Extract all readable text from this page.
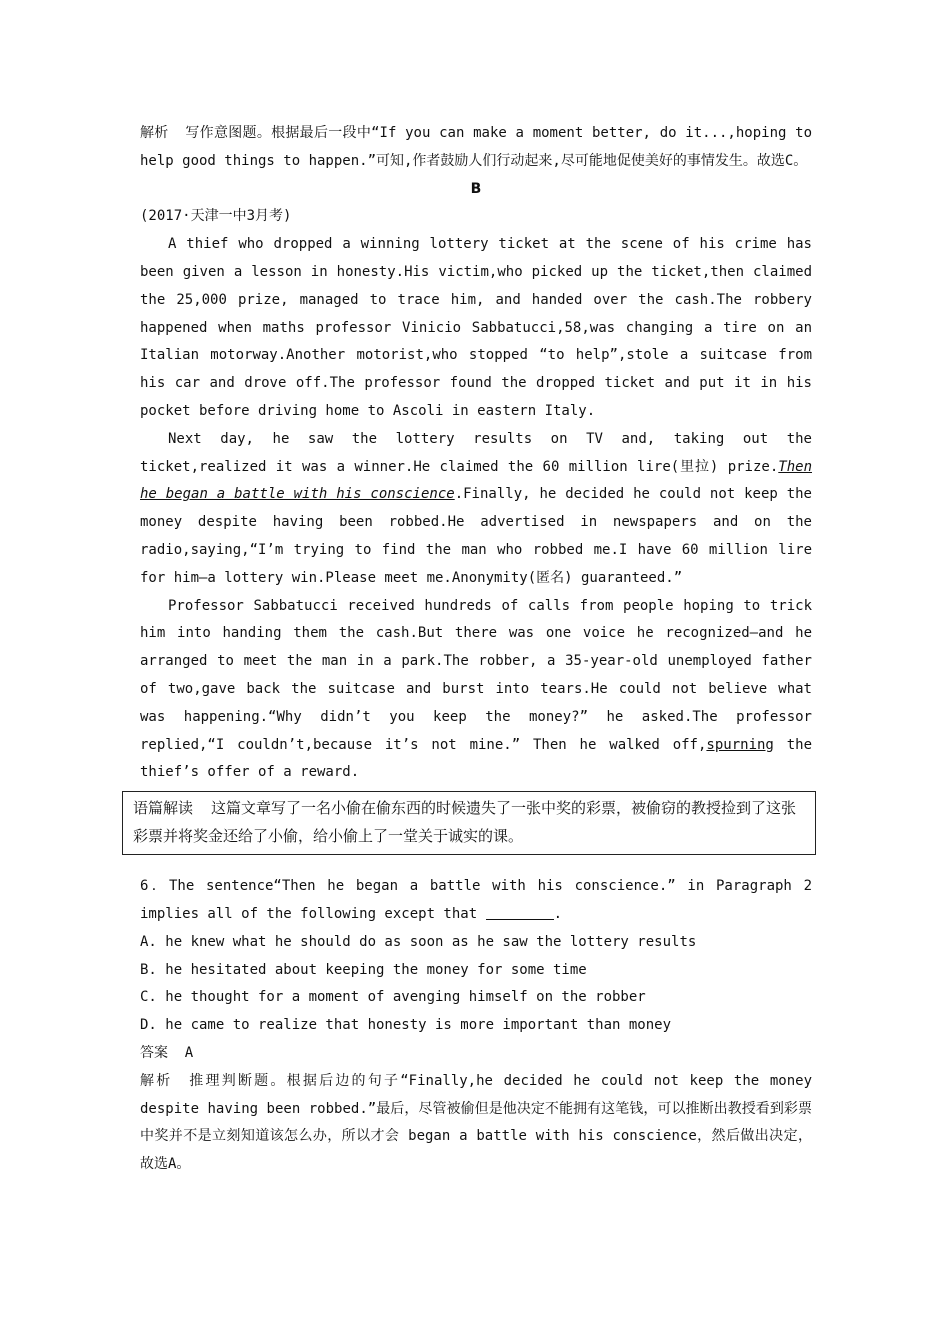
解析 写作意图题。根据最后一段中“If you can make a moment better, do it...,hoping to help good things to happen.”可知,作者鼓励人们行动起来,尽可能地促使美好的事情发生。故选C。

B

(2017·天津一中3月考)

A thief who dropped a winning lottery ticket at the scene of his crime has been given a lesson in honesty.His victim,who picked up the ticket,then claimed the 25,000 prize, managed to trace him, and handed over the cash.The robbery happened when maths professor Vinicio Sabbatucci,58,was changing a tire on an Italian motorway.Another motorist,who stopped “to help”,stole a suitcase from his car and drove off.The professor found the dropped ticket and put it in his pocket before driving home to Ascoli in eastern Italy.

Next day, he saw the lottery results on TV and, taking out the ticket,realized it was a winner.He claimed the 60 million lire(里拉) prize.Then he began a battle with his conscience.Finally, he decided he could not keep the money despite having been robbed.He advertised in newspapers and on the radio,saying,“I’m trying to find the man who robbed me.I have 60 million lire for him—a lottery win.Please meet me.Anonymity(匿名) guaranteed.”

Professor Sabbatucci received hundreds of calls from people hoping to trick him into handing them the cash.But there was one voice he recognized—and he arranged to meet the man in a park.The robber, a 35-year-old unemployed father of two,gave back the suitcase and burst into tears.He could not believe what was happening.“Why didn’t you keep the money?” he asked.The professor replied,“I couldn’t,because it’s not mine.” Then he walked off,spurning the thief’s offer of a reward.

语篇解读 这篇文章写了一名小偷在偷东西的时候遗失了一张中奖的彩票，被偷窃的教授捡到了这张彩票并将奖金还给了小偷，给小偷上了一堂关于诚实的课。

6．The sentence“Then he began a battle with his conscience.” in Paragraph 2 implies all of the following except that	.

A. he knew what he should do as soon as he saw the lottery results

B. he hesitated about keeping the money for some time

C. he thought for a moment of avenging himself on the robber

D. he came to realize that honesty is more important than money

答案 A

解析 推理判断题。根据后边的句子“Finally,he decided he could not keep the money despite having been robbed.”最后，尽管被偷但是他决定不能拥有这笔钱，可以推断出教授看到彩票中奖并不是立刻知道该怎么办，所以才会 began a battle with his conscience，然后做出决定，故选A。
